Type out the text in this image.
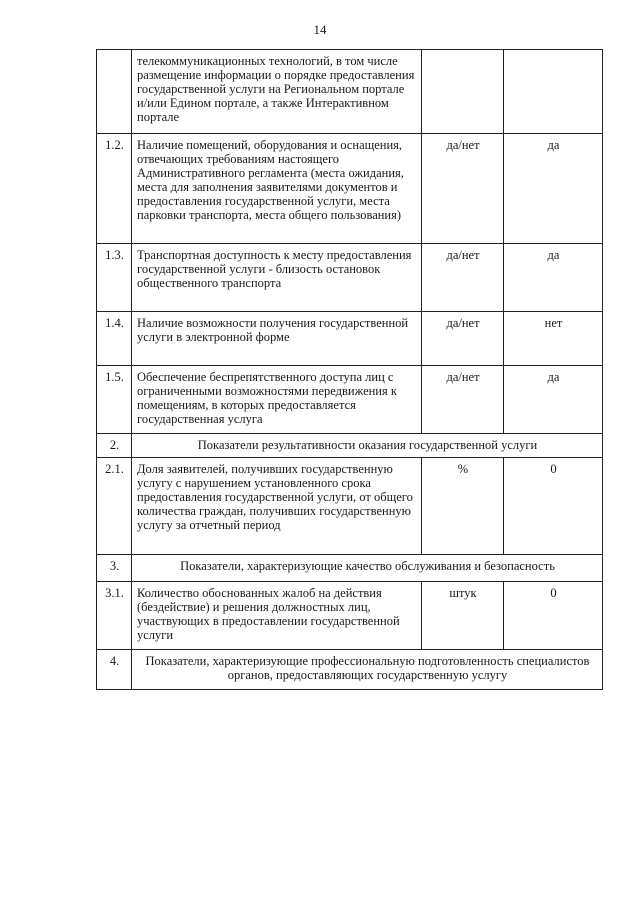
14
	телекоммуникационных технологий, в том числе размещение информации о порядке предоставления государственной услуги на Региональном портале и/или Едином портале, а также Интерактивном портале		
1.2.	Наличие помещений, оборудования и оснащения, отвечающих требованиям настоящего Административного регламента (места ожидания, места для заполнения заявителями документов и предоставления государственной услуги, места парковки транспорта, места общего пользования)	да/нет	да
1.3.	Транспортная доступность к месту предоставления государственной услуги - близость остановок общественного транспорта	да/нет	да
1.4.	Наличие возможности получения государственной услуги в электронной форме	да/нет	нет
1.5.	Обеспечение беспрепятственного доступа лиц с ограниченными возможностями передвижения к помещениям, в которых предоставляется государственная услуга	да/нет	да
2.	Показатели результативности оказания государственной услуги		
2.1.	Доля заявителей, получивших государственную услугу с нарушением установленного срока предоставления государственной услуги, от общего количества граждан, получивших государственную услугу за отчетный период	%	0
3.	Показатели, характеризующие качество обслуживания и безопасность		
3.1.	Количество обоснованных жалоб на действия (бездействие) и решения должностных лиц, участвующих в предоставлении государственной услуги	штук	0
4.	Показатели, характеризующие профессиональную подготовленность специалистов органов, предоставляющих государственную услугу		
